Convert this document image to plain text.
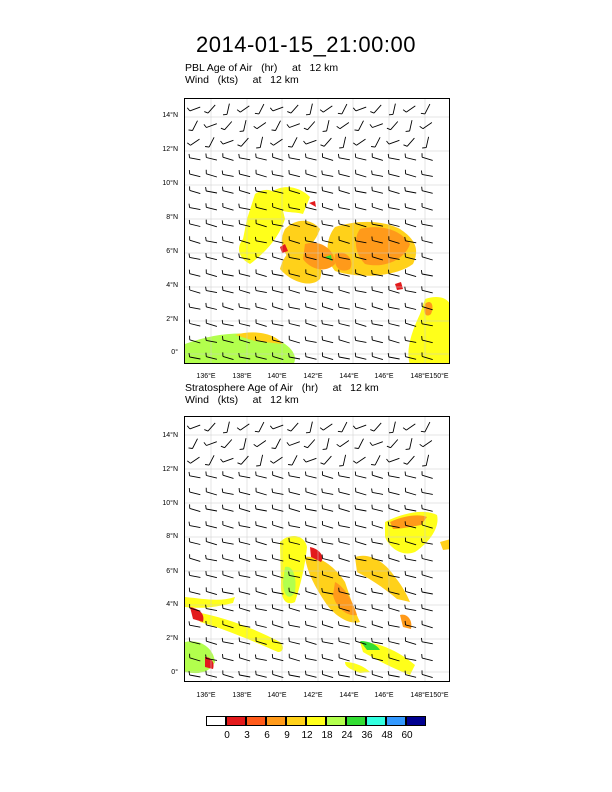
2014-01-15_21:00:00
PBL Age of Air   (hr)     at   12 km
Wind   (kts)     at   12 km
14°N
12°N
10°N
8°N
6°N
4°N
2°N
0°
136°E	138°E	140°E	142°E	144°E	146°E	148°E 150°E
Stratosphere Age of Air   (hr)     at   12 km
Wind   (kts)     at   12 km
14°N
12°N
10°N
8°N
6°N
4°N
2°N
0°
136°E	138°E	140°E	142°E	144°E	146°E	148°E 150°E
0	3	6	9	12 18 24 36 48 60
